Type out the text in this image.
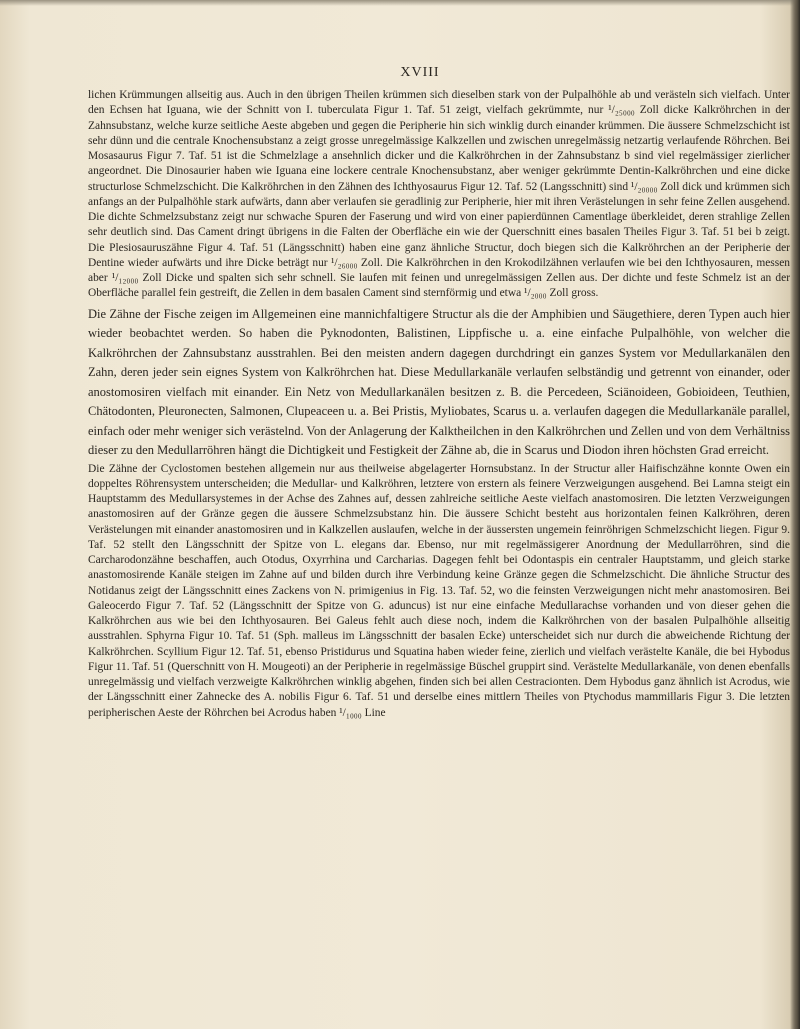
XVIII

lichen Krümmungen allseitig aus. Auch in den übrigen Theilen krümmen sich dieselben stark von der Pulpalhöhle ab und verästeln sich vielfach. Unter den Echsen hat Iguana, wie der Schnitt von I. tuberculata Figur 1. Taf. 51 zeigt, vielfach gekrümmte, nur ¹/₂₅₀₀₀ Zoll dicke Kalkröhrchen in der Zahnsubstanz, welche kurze seitliche Aeste abgeben und gegen die Peripherie hin sich winklig durch einander krümmen. Die äussere Schmelzschicht ist sehr dünn und die centrale Knochensubstanz a zeigt grosse unregelmässige Kalkzellen und zwischen unregelmässig netzartig verlaufende Röhrchen. Bei Mosasaurus Figur 7. Taf. 51 ist die Schmelzlage a ansehnlich dicker und die Kalkröhrchen in der Zahnsubstanz b sind viel regelmässiger zierlicher angeordnet. Die Dinosaurier haben wie Iguana eine lockere centrale Knochensubstanz, aber weniger gekrümmte Dentin-Kalkröhrchen und eine dicke structurlose Schmelzschicht. Die Kalkröhrchen in den Zähnen des Ichthyosaurus Figur 12. Taf. 52 (Langsschnitt) sind ¹/₂₀₀₀₀ Zoll dick und krümmen sich anfangs an der Pulpalhöhle stark aufwärts, dann aber verlaufen sie geradlinig zur Peripherie, hier mit ihren Verästelungen in sehr feine Zellen ausgehend. Die dichte Schmelzsubstanz zeigt nur schwache Spuren der Faserung und wird von einer papierdünnen Camentlage überkleidet, deren strahlige Zellen sehr deutlich sind. Das Cament dringt übrigens in die Falten der Oberfläche ein wie der Querschnitt eines basalen Theiles Figur 3. Taf. 51 bei b zeigt. Die Plesiosauruszähne Figur 4. Taf. 51 (Längsschnitt) haben eine ganz ähnliche Structur, doch biegen sich die Kalkröhrchen an der Peripherie der Dentine wieder aufwärts und ihre Dicke beträgt nur ¹/₂₆₀₀₀ Zoll. Die Kalkröhrchen in den Krokodilzähnen verlaufen wie bei den Ichthyosauren, messen aber ¹/₁₂₀₀₀ Zoll Dicke und spalten sich sehr schnell. Sie laufen mit feinen und unregelmässigen Zellen aus. Der dichte und feste Schmelz ist an der Oberfläche parallel fein gestreift, die Zellen in dem basalen Cament sind sternförmig und etwa ¹/₂₀₀₀ Zoll gross.

Die Zähne der Fische zeigen im Allgemeinen eine mannichfaltigere Structur als die der Amphibien und Säugethiere, deren Typen auch hier wieder beobachtet werden. So haben die Pyknodonten, Balistinen, Lippfische u. a. eine einfache Pulpalhöhle, von welcher die Kalkröhrchen der Zahnsubstanz ausstrahlen. Bei den meisten andern dagegen durchdringt ein ganzes System vor Medullarkanälen den Zahn, deren jeder sein eignes System von Kalkröhrchen hat. Diese Medullarkanäle verlaufen selbständig und getrennt von einander, oder anostomosiren vielfach mit einander. Ein Netz von Medullarkanälen besitzen z. B. die Percedeen, Sciänoideen, Gobioideen, Teuthien, Chätodonten, Pleuronecten, Salmonen, Clupeaceen u. a. Bei Pristis, Myliobates, Scarus u. a. verlaufen dagegen die Medullarkanäle parallel, einfach oder mehr weniger sich verästelnd. Von der Anlagerung der Kalktheilchen in den Kalkröhrchen und Zellen und von dem Verhältniss dieser zu den Medullarröhren hängt die Dichtigkeit und Festigkeit der Zähne ab, die in Scarus und Diodon ihren höchsten Grad erreicht.

Die Zähne der Cyclostomen bestehen allgemein nur aus theilweise abgelagerter Hornsubstanz. In der Structur aller Haifischzähne konnte Owen ein doppeltes Röhrensystem unterscheiden; die Medullar- und Kalkröhren, letztere von erstern als feinere Verzweigungen ausgehend. Bei Lamna steigt ein Hauptstamm des Medullarsystemes in der Achse des Zahnes auf, dessen zahlreiche seitliche Aeste vielfach anastomosiren. Die letzten Verzweigungen anastomosiren auf der Gränze gegen die äussere Schmelzsubstanz hin. Die äussere Schicht besteht aus horizontalen feinen Kalkröhren, deren Verästelungen mit einander anastomosiren und in Kalkzellen auslaufen, welche in der äussersten ungemein feinröhrigen Schmelzschicht liegen. Figur 9. Taf. 52 stellt den Längsschnitt der Spitze von L. elegans dar. Ebenso, nur mit regelmässigerer Anordnung der Medullarröhren, sind die Carcharodonzähne beschaffen, auch Otodus, Oxyrrhina und Carcharias. Dagegen fehlt bei Odontaspis ein centraler Hauptstamm, und gleich starke anastomosirende Kanäle steigen im Zahne auf und bilden durch ihre Verbindung keine Gränze gegen die Schmelzschicht. Die ähnliche Structur des Notidanus zeigt der Längsschnitt eines Zackens von N. primigenius in Fig. 13. Taf. 52, wo die feinsten Verzweigungen nicht mehr anastomosiren. Bei Galeocerdo Figur 7. Taf. 52 (Längsschnitt der Spitze von G. aduncus) ist nur eine einfache Medullarachse vorhanden und von dieser gehen die Kalkröhrchen aus wie bei den Ichthyosauren. Bei Galeus fehlt auch diese noch, indem die Kalkröhrchen von der basalen Pulpalhöhle allseitig ausstrahlen. Sphyrna Figur 10. Taf. 51 (Sph. malleus im Längsschnitt der basalen Ecke) unterscheidet sich nur durch die abweichende Richtung der Kalkröhrchen. Scyllium Figur 12. Taf. 51, ebenso Pristidurus und Squatina haben wieder feine, zierlich und vielfach verästelte Kanäle, die bei Hybodus Figur 11. Taf. 51 (Querschnitt von H. Mougeoti) an der Peripherie in regelmässige Büschel gruppirt sind. Verästelte Medullarkanäle, von denen ebenfalls unregelmässig und vielfach verzweigte Kalkröhrchen winklig abgehen, finden sich bei allen Cestracionten. Dem Hybodus ganz ähnlich ist Acrodus, wie der Längsschnitt einer Zahnecke des A. nobilis Figur 6. Taf. 51 und derselbe eines mittlern Theiles von Ptychodus mammillaris Figur 3. Die letzten peripherischen Aeste der Röhrchen bei Acrodus haben ¹/₁₀₀₀ Line
